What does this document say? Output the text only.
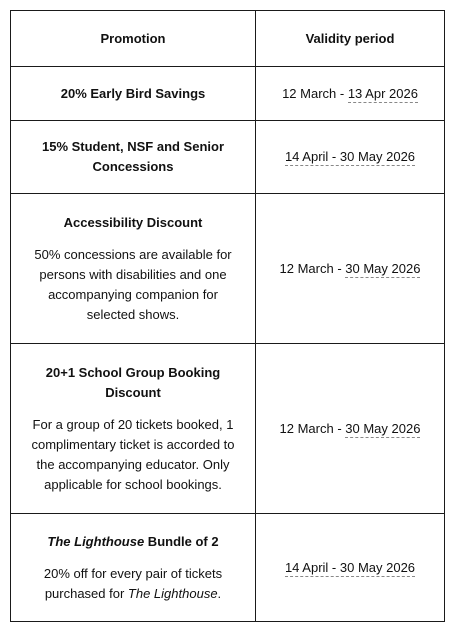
Promotion	Validity period

20% Early Bird Savings	12 March - 13 Apr 2026

15% Student, NSF and Senior Concessions	14 April - 30 May 2026

Accessibility Discount
50% concessions are available for persons with disabilities and one accompanying companion for selected shows.	12 March - 30 May 2026

20+1 School Group Booking Discount
For a group of 20 tickets booked, 1 complimentary ticket is accorded to the accompanying educator. Only applicable for school bookings.	12 March - 30 May 2026

The Lighthouse Bundle of 2
20% off for every pair of tickets purchased for The Lighthouse.	14 April - 30 May 2026
